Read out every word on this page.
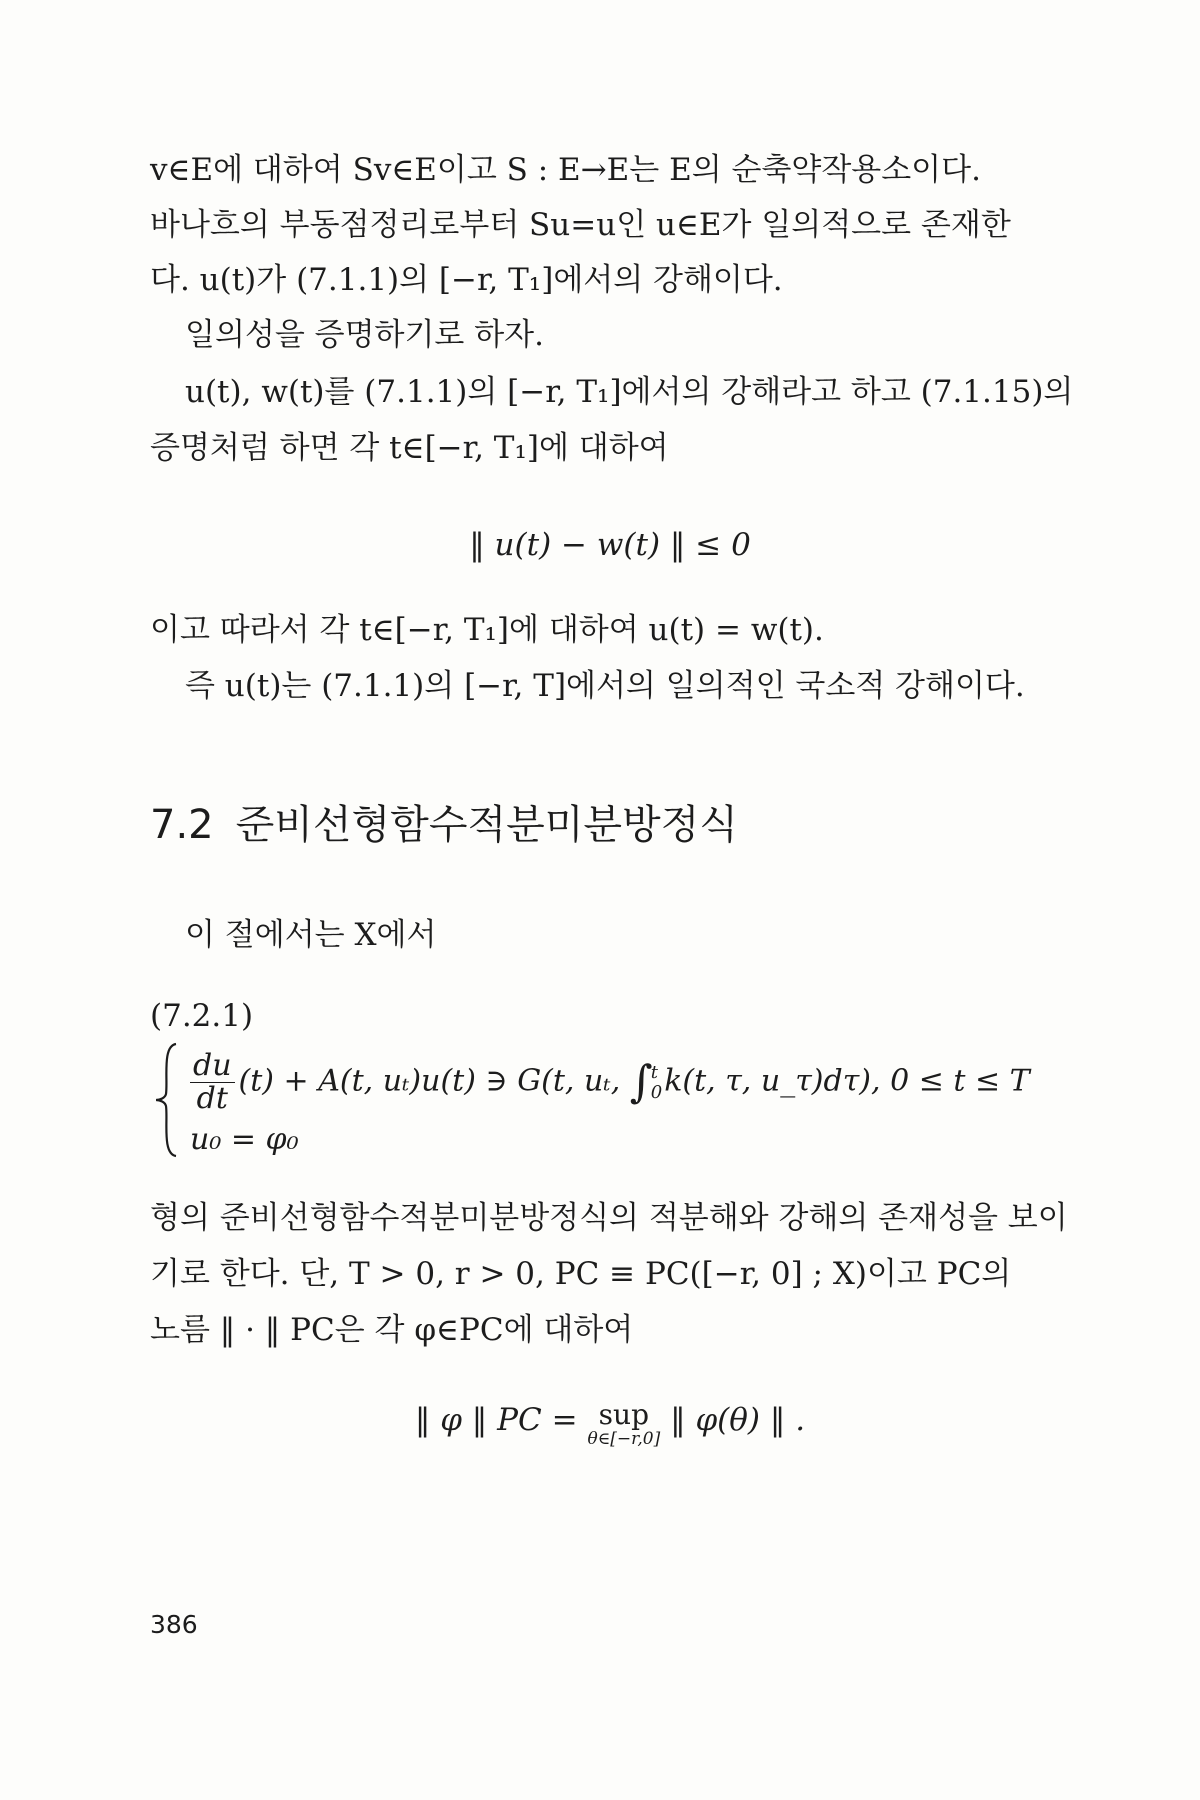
v∈E에 대하여 Sv∈E이고 S : E→E는 E의 순축약작용소이다.
바나흐의 부동점정리로부터 Su=u인 u∈E가 일의적으로 존재한
다. u(t)가 (7.1.1)의 [−r, T₁]에서의 강해이다.
일의성을 증명하기로 하자.
u(t), w(t)를 (7.1.1)의 [−r, T₁]에서의 강해라고 하고 (7.1.15)의
증명처럼 하면 각 t∈[−r, T₁]에 대하여
‖ u(t) − w(t) ‖ ≤ 0
이고 따라서 각 t∈[−r, T₁]에 대하여 u(t) = w(t).
즉 u(t)는 (7.1.1)의 [−r, T]에서의 일의적인 국소적 강해이다.
7.2 준비선형함수적분미분방정식
이 절에서는 X에서
(7.2.1)
$\frac{du}{dt} (t) + A(t$, uₜ)u(t) ∋ G(t, uₜ, ∫
t
0 k(t, τ, u_τ)dτ), 0 ≤ t ≤ T
u₀ = φ₀
형의 준비선형함수적분미분방정식의 적분해와 강해의 존재성을 보이
기로 한다. 단, T > 0, r > 0, PC ≡ PC([−r, 0] ; X)이고 PC의
노름 ‖ · ‖ PC은 각 φ∈PC에 대하여
‖ φ ‖ PC = sup
θ∈[−r,0]
‖ φ(θ) ‖ .
386
